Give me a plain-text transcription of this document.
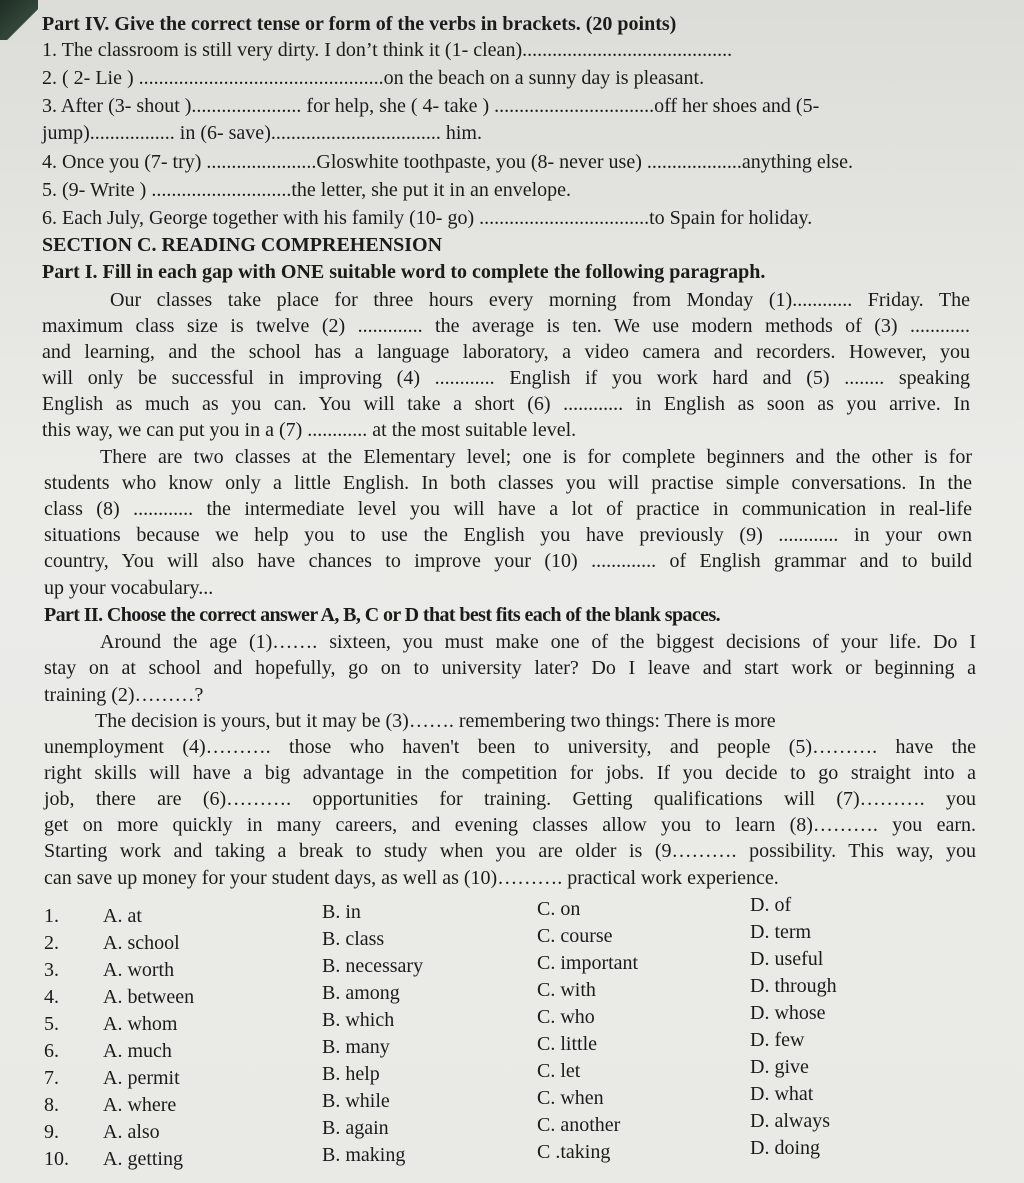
Part IV. Give the correct tense or form of the verbs in brackets. (20 points)
1. The classroom is still very dirty. I don’t think it (1- clean)..........................................
2. ( 2- Lie ) .................................................on the beach on a sunny day is pleasant.
3. After (3- shout )...................... for help, she ( 4- take ) ................................off her shoes and (5-
jump)................. in (6- save).................................. him.
4. Once you (7- try) ......................Gloswhite toothpaste, you (8- never use) ...................anything else.
5. (9- Write ) ............................the letter, she put it in an envelope.
6. Each July, George together with his family (10- go) ..................................to Spain for holiday.
SECTION C. READING COMPREHENSION
Part I. Fill in each gap with ONE suitable word to complete the following paragraph.
Our classes take place for three hours every morning from Monday (1)............ Friday. The
maximum class size is twelve (2) ............. the average is ten. We use modern methods of (3) ............
and learning, and the school has a language laboratory, a video camera and recorders. However, you
will only be successful in improving (4) ............ English if you work hard and (5) ........ speaking
English as much as you can. You will take a short (6) ............ in English as soon as you arrive. In
this way, we can put you in a (7) ............ at the most suitable level.
There are two classes at the Elementary level; one is for complete beginners and the other is for
students who know only a little English. In both classes you will practise simple conversations. In the
class (8) ............ the intermediate level you will have a lot of practice in communication in real-life
situations because we help you to use the English you have previously (9) ............ in your own
country, You will also have chances to improve your (10) ............. of English grammar and to build
up your vocabulary...
Part II. Choose the correct answer A, B, C or D that best fits each of the blank spaces.
Around the age (1)……. sixteen, you must make one of the biggest decisions of your life. Do I
stay on at school and hopefully, go on to university later? Do I leave and start work or beginning a
training (2)………?
The decision is yours, but it may be (3)……. remembering two things: There is more
unemployment (4)………. those who haven't been to university, and people (5)………. have the
right skills will have a big advantage in the competition for jobs. If you decide to go straight into a
job, there are (6)………. opportunities for training. Getting qualifications will (7)………. you
get on more quickly in many careers, and evening classes allow you to learn (8)………. you earn.
Starting work and taking a break to study when you are older is (9………. possibility. This way, you
can save up money for your student days, as well as (10)………. practical work experience.
1. A. at	B. in	C. on	D. of
2. A. school	B. class	C. course	D. term
3. A. worth	B. necessary	C. important	D. useful
4. A. between	B. among	C. with	D. through
5. A. whom	B. which	C. who	D. whose
6. A. much	B. many	C. little	D. few
7. A. permit	B. help	C. let	D. give
8. A. where	B. while	C. when	D. what
9. A. also	B. again	C. another	D. always
10. A. getting	B. making	C .taking	D. doing
